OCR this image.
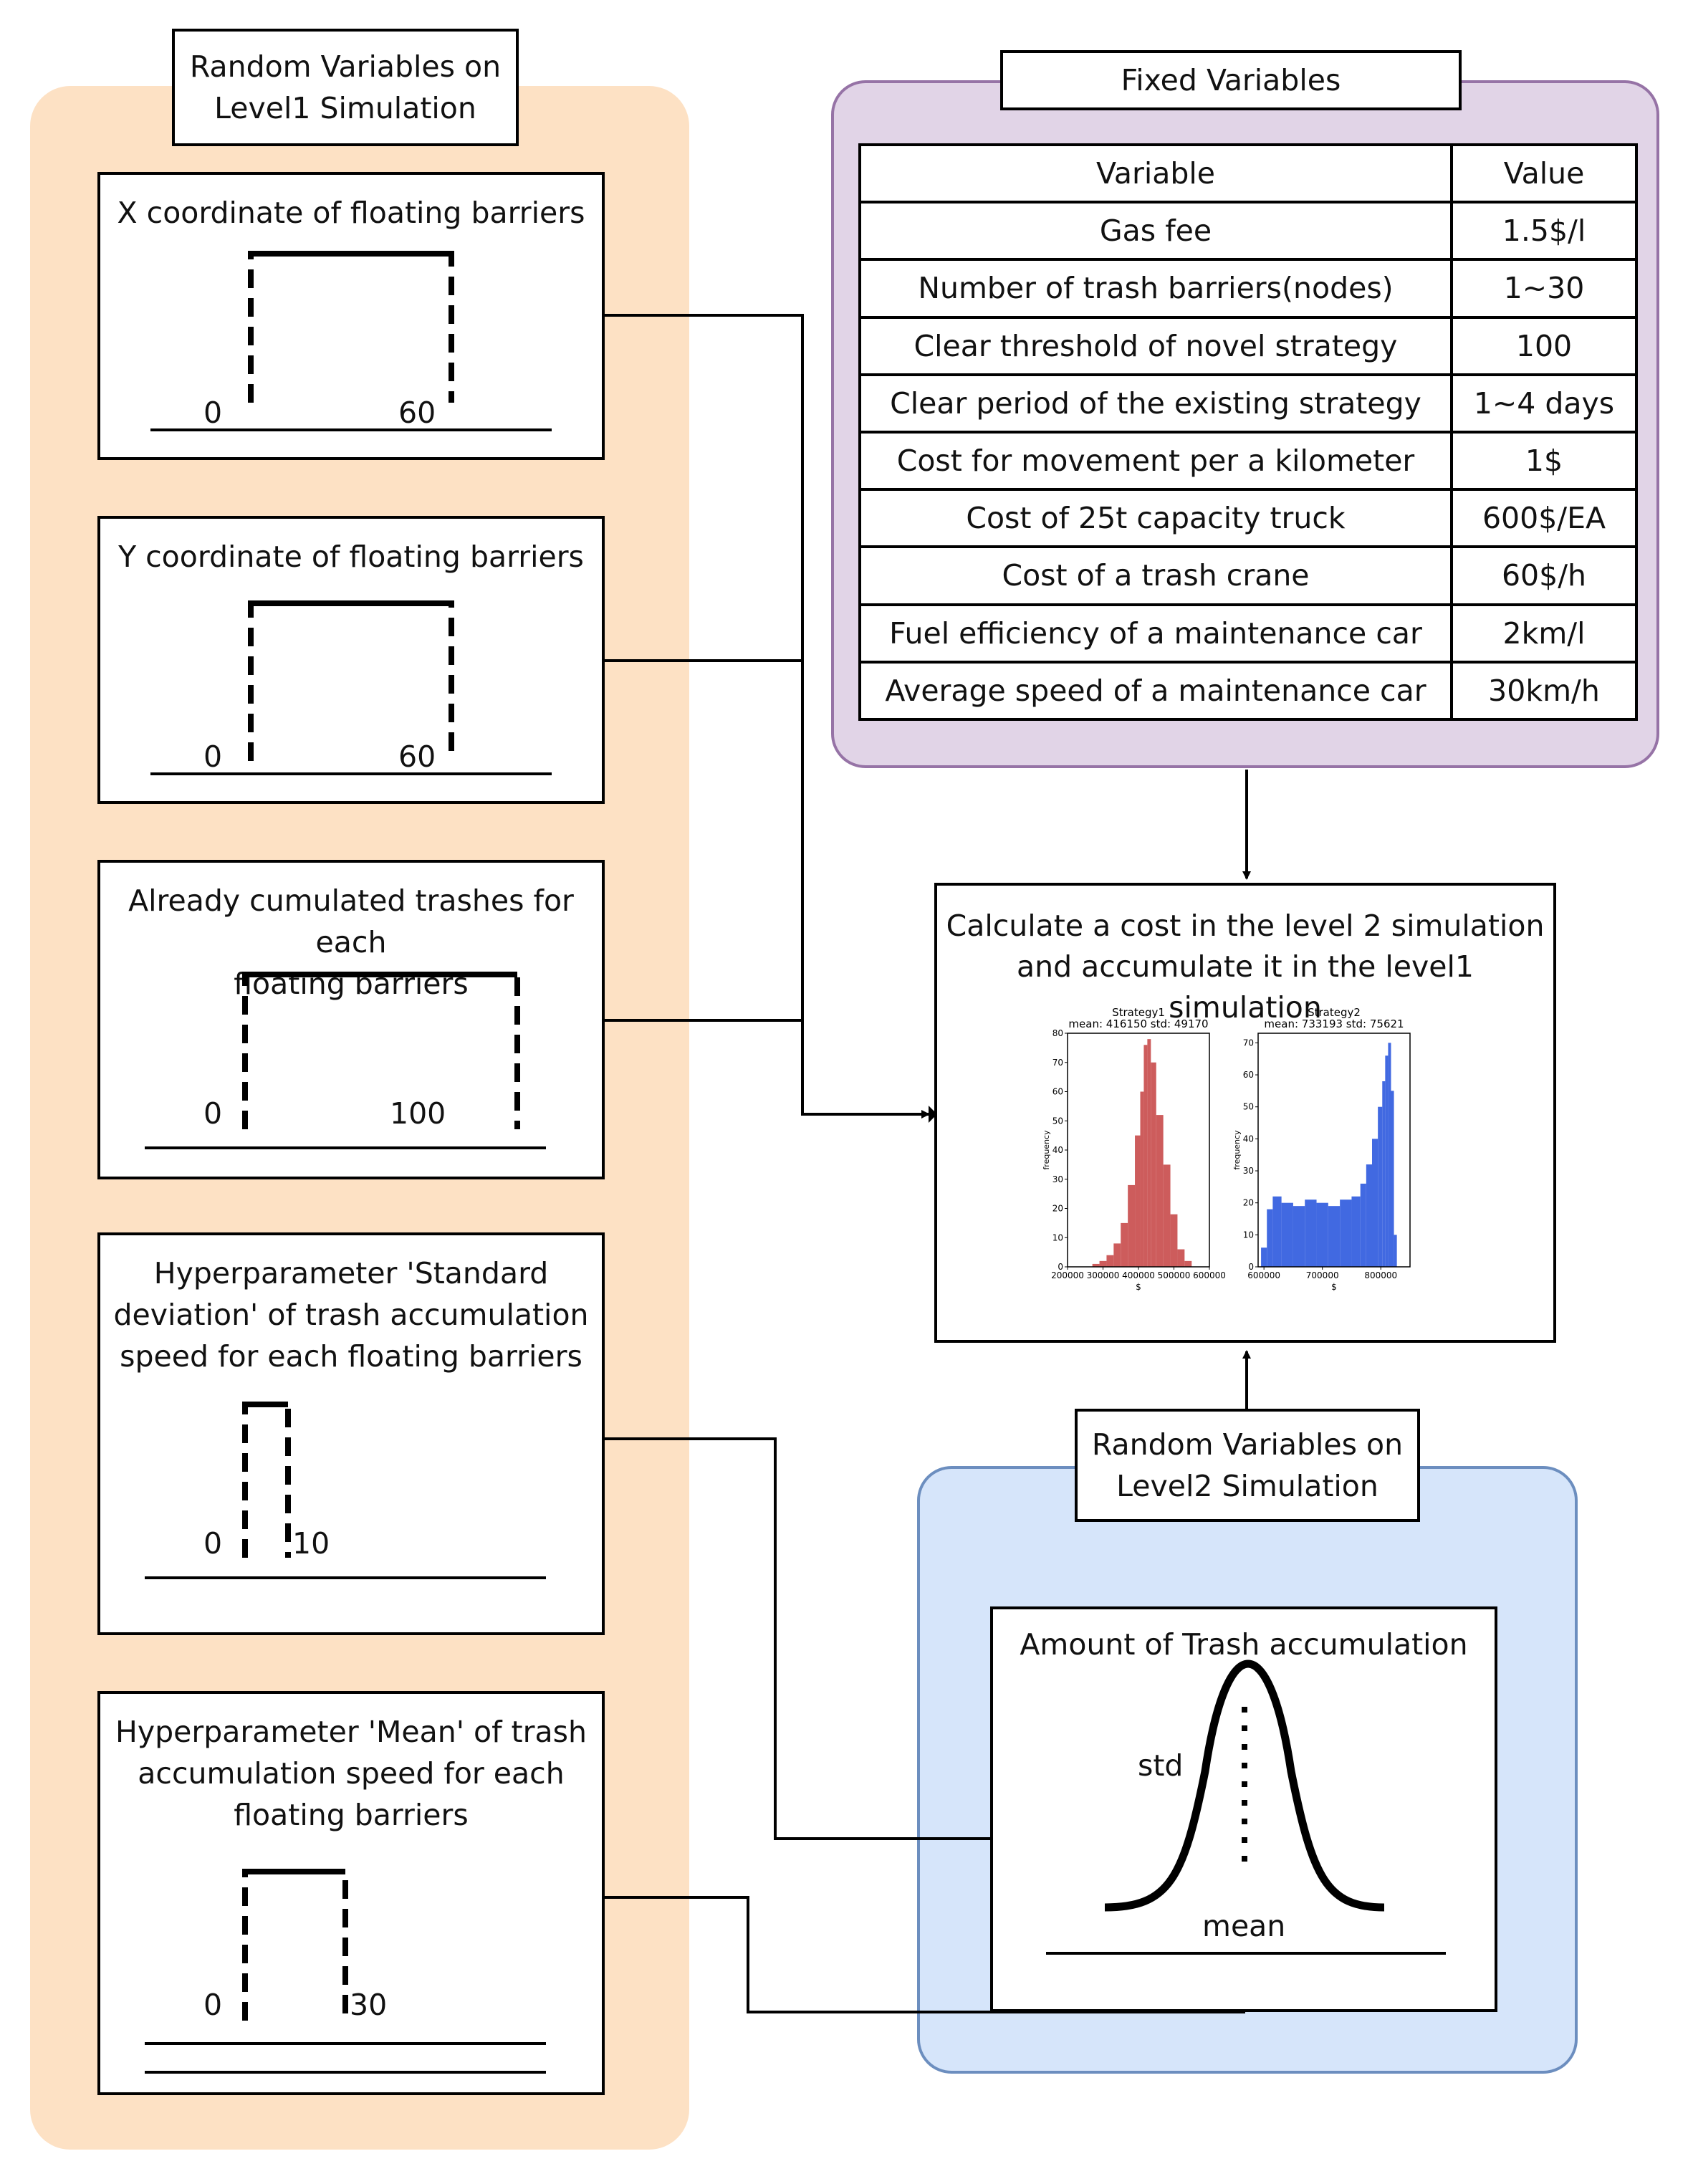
Random Variables on
Level1 Simulation
X coordinate of floating barriers
0	60
Y coordinate of floating barriers
0	60
Already cumulated trashes for each
floating barriers
0	100
Hyperparameter 'Standard
deviation' of trash accumulation
speed for each floating barriers
0 10
Hyperparameter 'Mean' of trash
accumulation speed for each
floating barriers
0	30
Fixed Variables
Variable	Value
Gas fee	1.5$/l
Number of trash barriers(nodes)	1~30
Clear threshold of novel strategy	100
Clear period of the existing strategy	1~4 days
Cost for movement per a kilometer	1$
Cost of 25t capacity truck	600$/EA
Cost of a trash crane	60$/h
Fuel efficiency of a maintenance car	2km/l
Average speed of a maintenance car	30km/h
Calculate a cost in the level 2 simulation
and accumulate it in the level1 simulation
Strategy1
mean: 416150 std: 49170
0
10
20
30
40
50
60
70
80
200000 300000 400000 500000 600000
$
frequency
Strategy2
mean: 733193 std: 75621
0
10
20
30
40
50
60
70
600000	700000	800000
$
frequency
Random Variables on
Level2 Simulation
Amount of Trash accumulation
std
mean
